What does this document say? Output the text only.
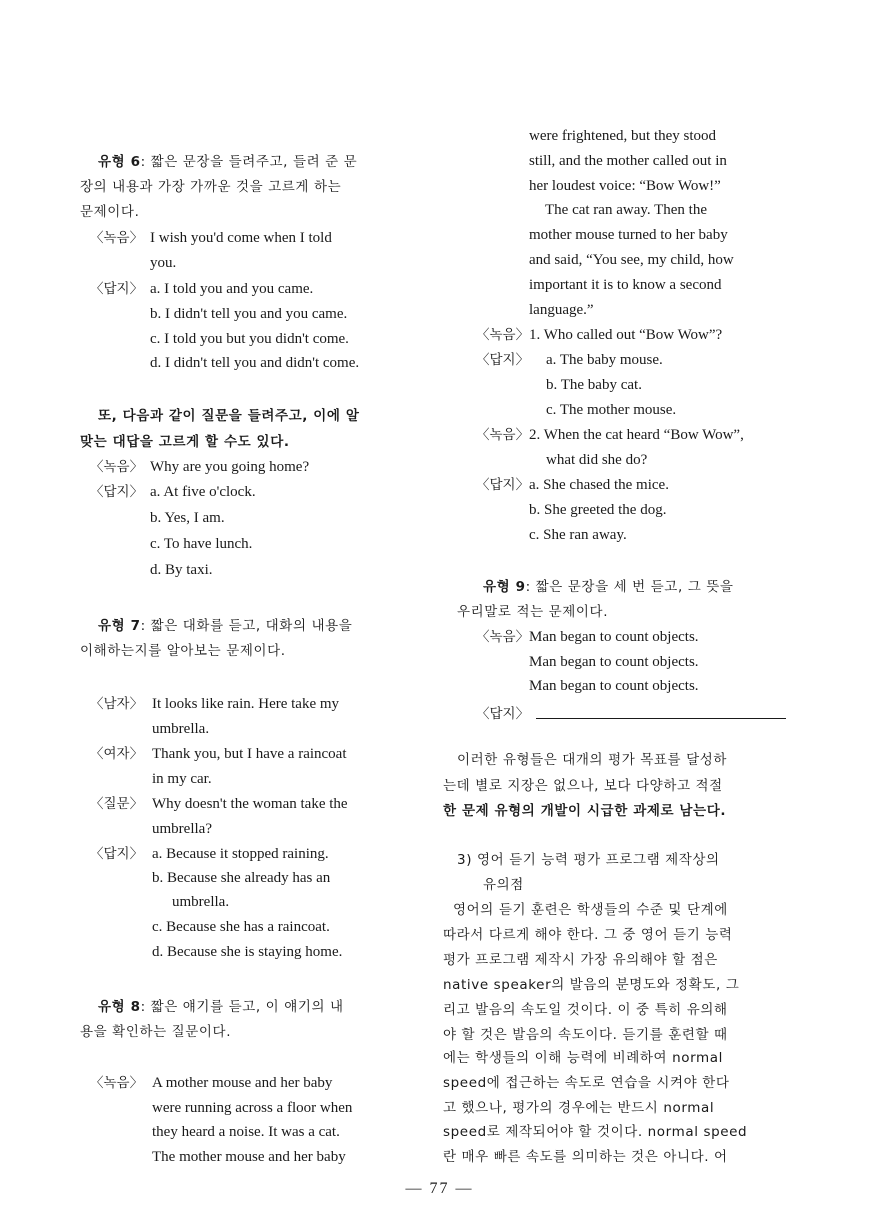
유형 6: 짧은 문장을 들려주고, 들려 준 문
장의 내용과 가장 가까운 것을 고르게 하는
문제이다.
〈녹음〉 I wish you'd come when I told
you.
〈답지〉 a. I told you and you came.
b. I didn't tell you and you came.
c. I told you but you didn't come.
d. I didn't tell you and didn't come.
또, 다음과 같이 질문을 들려주고, 이에 알
맞는 대답을 고르게 할 수도 있다.
〈녹음〉 Why are you going home?
〈답지〉 a. At five o'clock.
b. Yes, I am.
c. To have lunch.
d. By taxi.
유형 7: 짧은 대화를 듣고, 대화의 내용을
이해하는지를 알아보는 문제이다.
〈남자〉 It looks like rain. Here take my
umbrella.
〈여자〉 Thank you, but I have a raincoat
in my car.
〈질문〉 Why doesn't the woman take the
umbrella?
〈답지〉 a. Because it stopped raining.
b. Because she already has an
umbrella.
c. Because she has a raincoat.
d. Because she is staying home.
유형 8: 짧은 얘기를 듣고, 이 얘기의 내
용을 확인하는 질문이다.
〈녹음〉 A mother mouse and her baby
were running across a floor when
they heard a noise. It was a cat.
The mother mouse and her baby
were frightened, but they stood
still, and the mother called out in
her loudest voice: “Bow Wow!”
The cat ran away. Then the
mother mouse turned to her baby
and said, “You see, my child, how
important it is to know a second
language.”
〈녹음〉 1. Who called out “Bow Wow”?
〈답지〉 a. The baby mouse.
b. The baby cat.
c. The mother mouse.
〈녹음〉 2. When the cat heard “Bow Wow”,
what did she do?
〈답지〉 a. She chased the mice.
b. She greeted the dog.
c. She ran away.
유형 9: 짧은 문장을 세 번 듣고, 그 뜻을
우리말로 적는 문제이다.
〈녹음〉 Man began to count objects.
Man began to count objects.
Man began to count objects.
〈답지〉
이러한 유형들은 대개의 평가 목표를 달성하
는데 별로 지장은 없으나, 보다 다양하고 적절
한 문제 유형의 개발이 시급한 과제로 남는다.
3) 영어 듣기 능력 평가 프로그램 제작상의
유의점
영어의 듣기 훈련은 학생들의 수준 및 단계에
따라서 다르게 해야 한다. 그 중 영어 듣기 능력
평가 프로그램 제작시 가장 유의해야 할 점은
native speaker의 발음의 분명도와 정확도, 그
리고 발음의 속도일 것이다. 이 중 특히 유의해
야 할 것은 발음의 속도이다. 듣기를 훈련할 때
에는 학생들의 이해 능력에 비례하여 normal
speed에 접근하는 속도로 연습을 시켜야 한다
고 했으나, 평가의 경우에는 반드시 normal
speed로 제작되어야 할 것이다. normal speed
란 매우 빠른 속도를 의미하는 것은 아니다. 어
— 77 —
